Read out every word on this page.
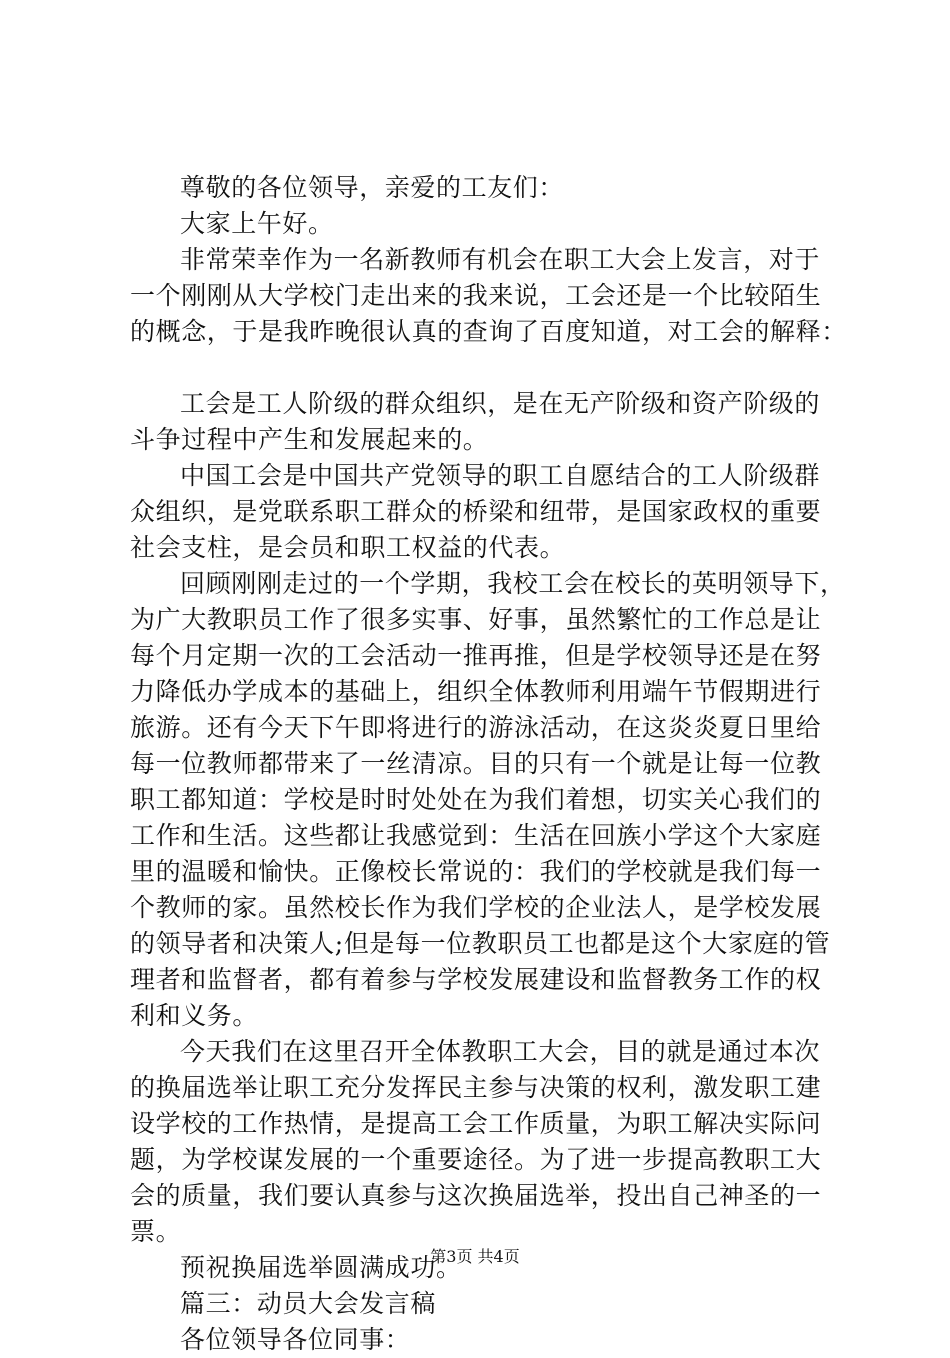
尊敬的各位领导，亲爱的工友们：
大家上午好。
非常荣幸作为一名新教师有机会在职工大会上发言，对于
一个刚刚从大学校门走出来的我来说，工会还是一个比较陌生
的概念，于是我昨晚很认真的查询了百度知道，对工会的解释：
工会是工人阶级的群众组织，是在无产阶级和资产阶级的
斗争过程中产生和发展起来的。
中国工会是中国共产党领导的职工自愿结合的工人阶级群
众组织，是党联系职工群众的桥梁和纽带，是国家政权的重要
社会支柱，是会员和职工权益的代表。
回顾刚刚走过的一个学期，我校工会在校长的英明领导下，
为广大教职员工作了很多实事、好事，虽然繁忙的工作总是让
每个月定期一次的工会活动一推再推，但是学校领导还是在努
力降低办学成本的基础上，组织全体教师利用端午节假期进行
旅游。还有今天下午即将进行的游泳活动，在这炎炎夏日里给
每一位教师都带来了一丝清凉。目的只有一个就是让每一位教
职工都知道：学校是时时处处在为我们着想，切实关心我们的
工作和生活。这些都让我感觉到：生活在回族小学这个大家庭
里的温暖和愉快。正像校长常说的：我们的学校就是我们每一
个教师的家。虽然校长作为我们学校的企业法人，是学校发展
的领导者和决策人;但是每一位教职员工也都是这个大家庭的管
理者和监督者，都有着参与学校发展建设和监督教务工作的权
利和义务。
今天我们在这里召开全体教职工大会，目的就是通过本次
的换届选举让职工充分发挥民主参与决策的权利，激发职工建
设学校的工作热情，是提高工会工作质量，为职工解决实际问
题，为学校谋发展的一个重要途径。为了进一步提高教职工大
会的质量，我们要认真参与这次换届选举，投出自己神圣的一
票。
预祝换届选举圆满成功。
篇三：动员大会发言稿
各位领导各位同事：
第3页 共4页
